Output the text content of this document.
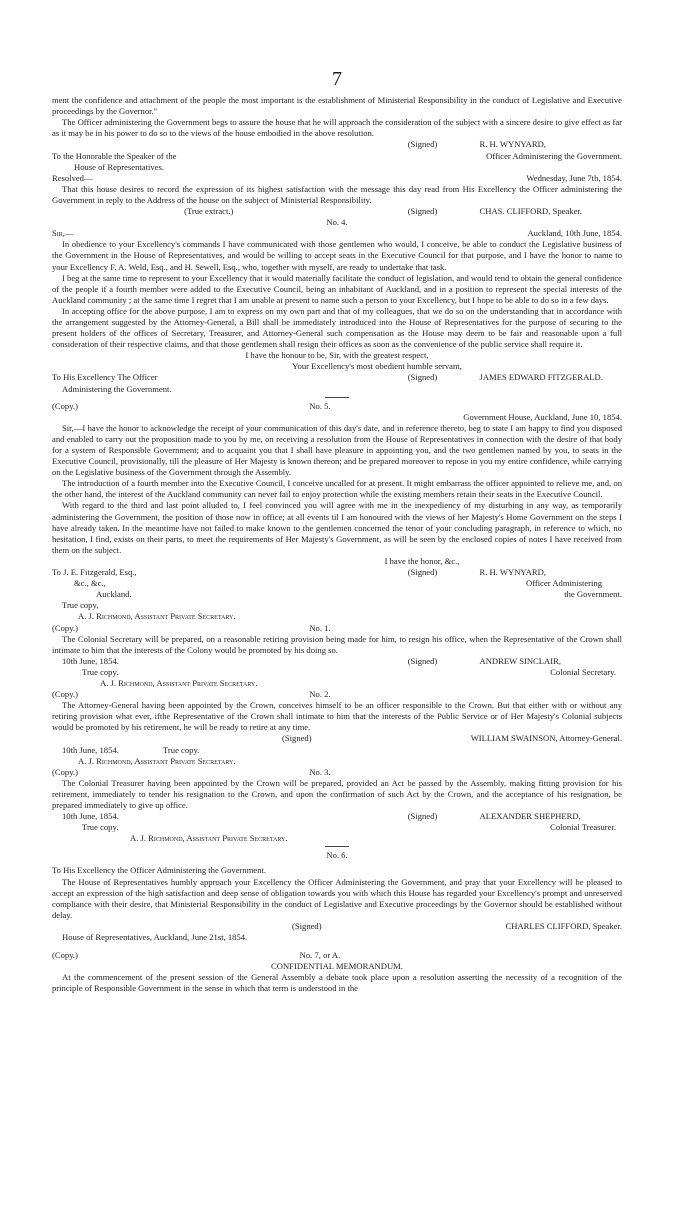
7

ment the confidence and attachment of the people the most important is the establishment of Ministerial Responsibility in the conduct of Legislative and Executive proceedings by the Governor."

The Officer administering the Government begs to assure the house that he will approach the consideration of the subject with a sincere desire to give effect as far as it may be in his power to do so to the views of the house embodied in the above resolution.

(Signed)	R. H. WYNYARD,
To the Honorable the Speaker of the	Officer Administering the Government.

House of Representatives.

Resolved—	Wednesday, June 7th, 1854.

That this house desires to record the expression of its highest satisfaction with the message this day read from His Excellency the Officer administering the Government in reply to the Address of the house on the subject of Ministerial Responsibility.

(True extract.)	(Signed)	CHAS. CLIFFORD, Speaker.

No. 4.

Sir,—	Auckland, 10th June, 1854.

In obedience to your Excellency's commands I have communicated with those gentlemen who would, I conceive, be able to conduct the Legislative business of the Government in the House of Representatives, and would be willing to accept seats in the Executive Council for that purpose, and I have the honor to name to your Excellency F. A. Weld, Esq., and H. Sewell, Esq., who, together with myself, are ready to undertake that task.

I beg at the same time to represent to your Excellency that it would materially facilitate the conduct of legislation, and would tend to obtain the general confidence of the people if a fourth member were added to the Executive Council, being an inhabitant of Auckland, and in a position to represent the special interests of the Auckland community ; at the same time I regret that I am unable at present to name such a person to your Excellency, but I hope to be able to do so in a few days.

In accepting office for the above purpose, I am to express on my own part and that of my colleagues, that we do so on the understanding that in accordance with the arrangement suggested by the Attorney-General, a Bill shall be immediately introduced into the House of Representatives for the purpose of securing to the present holders of the offices of Secretary, Treasurer, and Attorney-General such compensation as the House may deem to be fair and reasonable upon a full consideration of their respective claims, and that those gentlemen shall resign their offices as soon as the convenience of the public service shall require it.

I have the honour to be, Sir, with the greatest respect,

Your Excellency's most obedient humble servant,

To His Excellency The Officer	(Signed)	JAMES EDWARD FITZGERALD.

Administering the Government.

(Copy.)	No. 5.

Government House, Auckland, June 10, 1854.

Sir,—I have the honor to acknowledge the receipt of your communication of this day's date, and in reference thereto, beg to state I am happy to find you disposed and enabled to carry out the proposition made to you by me, on receiving a resolution from the House of Representatives in connection with the desire of that body for a system of Responsible Government; and to acquaint you that I shall have pleasure in appointing you, and the two gentlemen named by you, to seats in the Executive Council, provisionally, till the pleasure of Her Majesty is known thereon; and be prepared moreover to repose in you my entire confidence, while carrying on the Legislative business of the Government through the Assembly.

The introduction of a fourth member into the Executive Council, I conceive uncalled for at present. It might embarrass the officer appointed to relieve me, and, on the other hand, the interest of the Auckland community can never fail to enjoy protection while the existing members retain their seats in the Executive Council.

With regard to the third and last point alluded to, I feel convinced you will agree with me in the inexpediency of my disturbing in any way, as temporarily administering the Government, the position of those now in office; at all events til I am honoured with the views of her Majesty's Home Government on the steps I have already taken. In the meantime have not failed to make known to the gentlemen concerned the tenor of your concluding paragraph, in reference to which, no hesitation, I find, exists on their parts, to meet the requirements of Her Majesty's Government, as will be seen by the enclosed copies of notes I have received from them on the subject.

I have the honor, &c.,

To J. E. Fitzgerald, Esq.,	(Signed)	R. H. WYNYARD,
&c., &c.,	Officer Administering
Auckland.	the Government.

True copy,

A. J. Richmond, Assistant Private Secretary.

(Copy.)	No. 1.

The Colonial Secretary will be prepared, on a reasonable retiring provision being made for him, to resign his office, when the Representative of the Crown shall intimate to him that the interests of the Colony would be promoted by his doing so.

10th June, 1854.	(Signed)	ANDREW SINCLAIR,
True copy.	Colonial Secretary.

A. J. Richmond, Assistant Private Secretary.

(Copy.)	No. 2.

The Attorney-General having been appointed by the Crown, conceives himself to be an officer responsible to the Crown. But that either with or without any retiring provision what ever, ifthe Representative of the Crown shall intimate to him that the interests of the Public Service or of Her Majesty's Colonial subjects would be promoted by his retirement, he will be ready to retire at any time.

(Signed)	WILLIAM SWAINSON, Attorney-General.
10th June, 1854.	True copy.

A. J. Richmond, Assistant Private Secretary.

(Copy.)	No. 3.

The Colonial Treasurer having been appointed by the Crown will be prepared, provided an Act be passed by the Assembly, making fitting provision for his retirement, immediately to tender his resignation to the Crown, and upon the confirmation of such Act by the Crown, and the acceptance of his resignation, be prepared immediately to give up office.

10th June, 1854.	(Signed)	ALEXANDER SHEPHERD,
True copy.	Colonial Treasurer.

A. J. Richmond, Assistant Private Secretary.

No. 6.

To His Excellency the Officer Administering the Government.

The House of Representatives humbly approach your Excellency the Officer Administering the Government, and pray that your Excellency will be pleased to accept an expression of the high satisfaction and deep sense of obligation towards you with which this House has regarded your Excellency's prompt and unreserved compliance with their desire, that Ministerial Responsibility in the conduct of Legislative and Executive proceedings by the Governor should be established without delay.

(Signed)	CHARLES CLIFFORD, Speaker.

House of Representatives, Auckland, June 21st, 1854.

(Copy.)	No. 7, or A.

CONFIDENTIAL MEMORANDUM.

At the commencement of the present session of the General Assembly a debate took place upon a resolution asserting the necessity of a recognition of the principle of Responsible Government in the sense in which that term is understood in the
